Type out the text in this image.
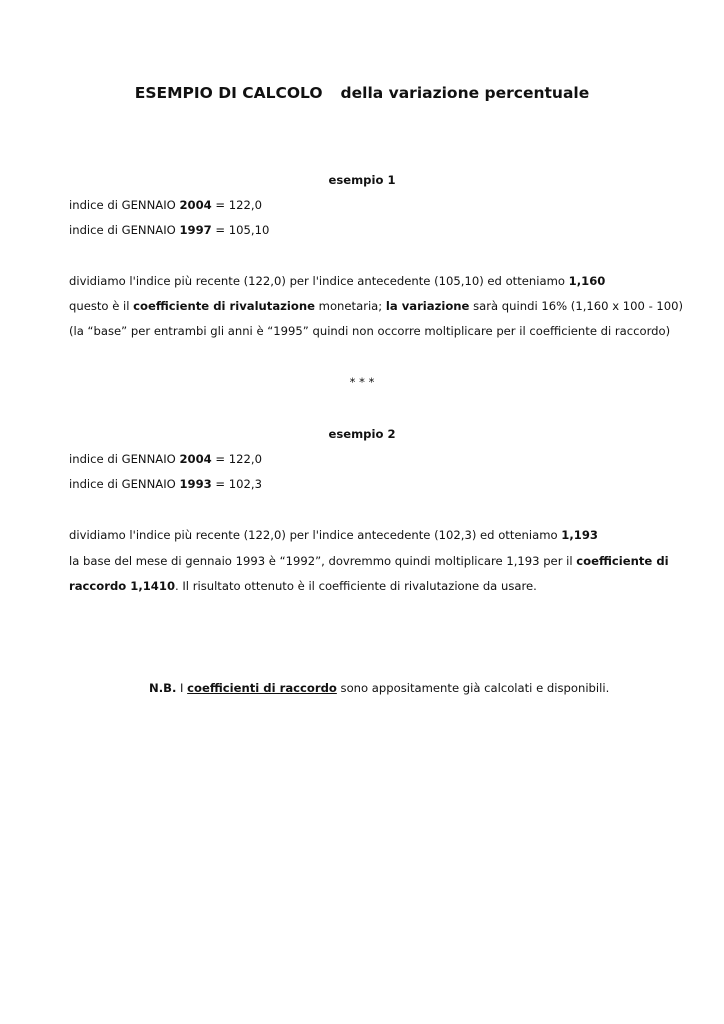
ESEMPIO DI CALCOLO della variazione percentuale
esempio 1
indice di GENNAIO 2004 = 122,0
indice di GENNAIO 1997 = 105,10
dividiamo l'indice più recente (122,0) per l'indice antecedente (105,10) ed otteniamo 1,160
questo è il coefficiente di rivalutazione monetaria; la variazione sarà quindi 16% (1,160 x 100 - 100)
(la “base” per entrambi gli anni è “1995” quindi non occorre moltiplicare per il coefficiente di raccordo)
* * *
esempio 2
indice di GENNAIO 2004 = 122,0
indice di GENNAIO 1993 = 102,3
dividiamo l'indice più recente (122,0) per l'indice antecedente (102,3) ed otteniamo 1,193
la base del mese di gennaio 1993 è “1992”, dovremmo quindi moltiplicare 1,193 per il coefficiente di
raccordo 1,1410. Il risultato ottenuto è il coefficiente di rivalutazione da usare.
N.B. I coefficienti di raccordo sono appositamente già calcolati e disponibili.
